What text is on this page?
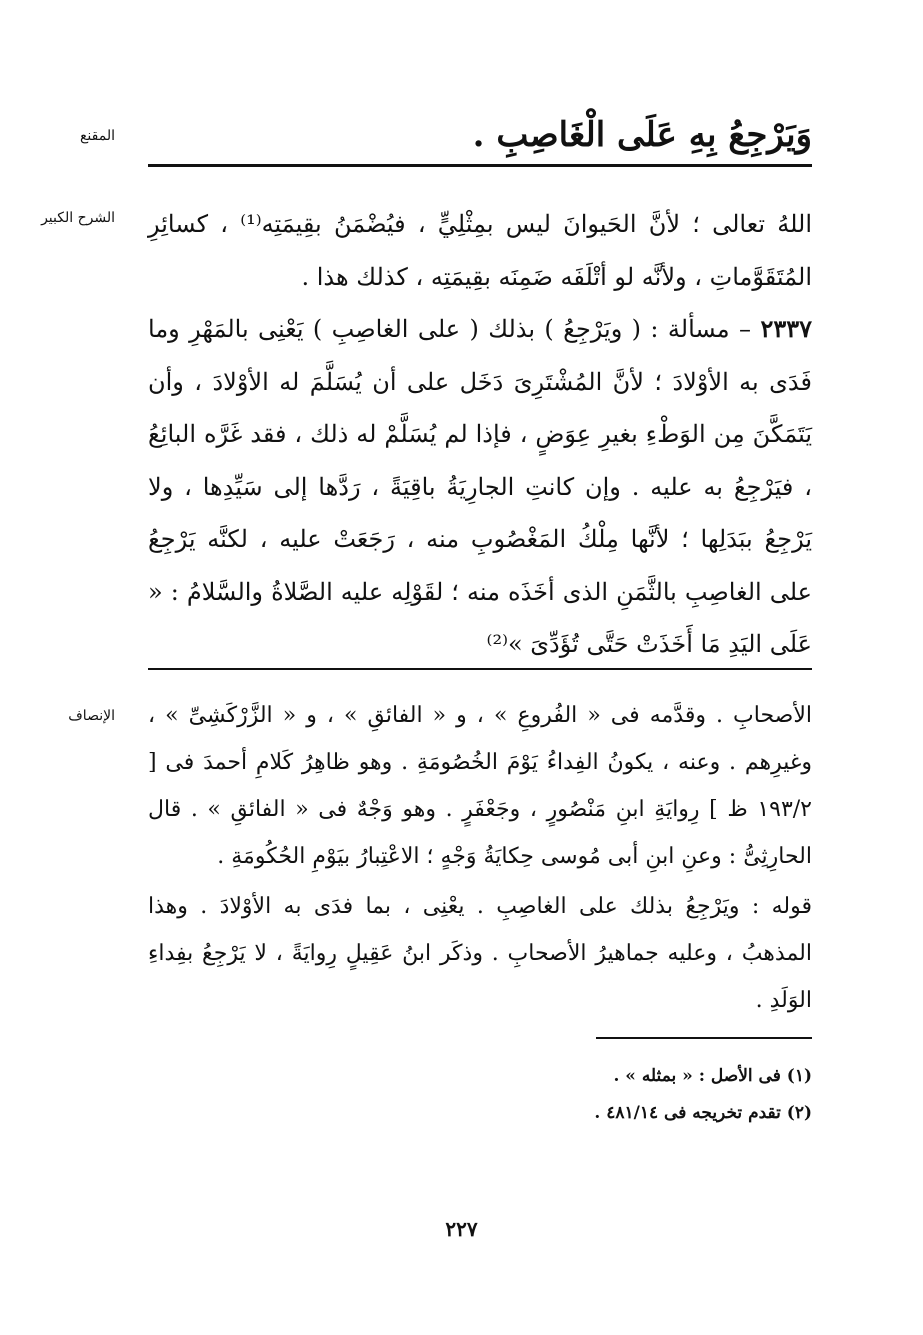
المقنع	وَيَرْجِعُ بِهِ عَلَى الْغَاصِبِ .

الشرح الكبير اللهُ تعالى ؛ لأنَّ الحَيوانَ ليس بمِثْلِيٍّ ، فيُضْمَنُ بقِيمَتِه⁽¹⁾ ، كسائِرِ المُتَقَوَّماتِ ، ولأنَّه لو أتْلَفَه ضَمِنَه بقِيمَتِه ، كذلك هذا .

٢٣٣٧ – مسألة : ( ويَرْجِعُ ) بذلك ( على الغاصِبِ ) يَعْنِى بالمَهْرِ وما فَدَى به الأوْلادَ ؛ لأنَّ المُشْتَرِىَ دَخَل على أن يُسَلَّمَ له الأوْلادَ ، وأن يَتَمَكَّنَ مِن الوَطْءِ بغيرِ عِوَضٍ ، فإذا لم يُسَلَّمْ له ذلك ، فقد غَرَّه البائِعُ ، فيَرْجِعُ به عليه . وإن كانتِ الجارِيَةُ باقِيَةً ، رَدَّها إلى سَيِّدِها ، ولا يَرْجِعُ ببَدَلِها ؛ لأنَّها مِلْكُ المَغْصُوبِ منه ، رَجَعَتْ عليه ، لكنَّه يَرْجِعُ على الغاصِبِ بالثَّمَنِ الذى أخَذَه منه ؛ لقَوْلِه عليه الصَّلاةُ والسَّلامُ : « عَلَى اليَدِ مَا أَخَذَتْ حَتَّى تُؤَدِّىَ »⁽²⁾

الإنصاف الأصحابِ . وقدَّمه فى « الفُروعِ » ، و « الفائقِ » ، و « الزَّرْكَشِىِّ » ، وغيرِهم . وعنه ، يكونُ الفِداءُ يَوْمَ الخُصُومَةِ . وهو ظاهِرُ كَلامِ أحمدَ فى [ ١٩٣/٢ ظ ] رِوايَةِ ابنِ مَنْصُورٍ ، وجَعْفَرٍ . وهو وَجْهٌ فى « الفائقِ » . قال الحارِثِىُّ : وعنِ ابنِ أبى مُوسى حِكايَةُ وَجْهٍ ؛ الاعْتِبارُ بيَوْمِ الحُكُومَةِ .

قوله : ويَرْجِعُ بذلك على الغاصِبِ . يعْنِى ، بما فدَى به الأوْلادَ . وهذا المذهبُ ، وعليه جماهيرُ الأصحابِ . وذكَر ابنُ عَقِيلٍ رِوايَةً ، لا يَرْجِعُ بفِداءِ الوَلَدِ .

(١) فى الأصل : « بمثله » .

(٢) تقدم تخريجه فى ٤٨١/١٤ .

٢٢٧
